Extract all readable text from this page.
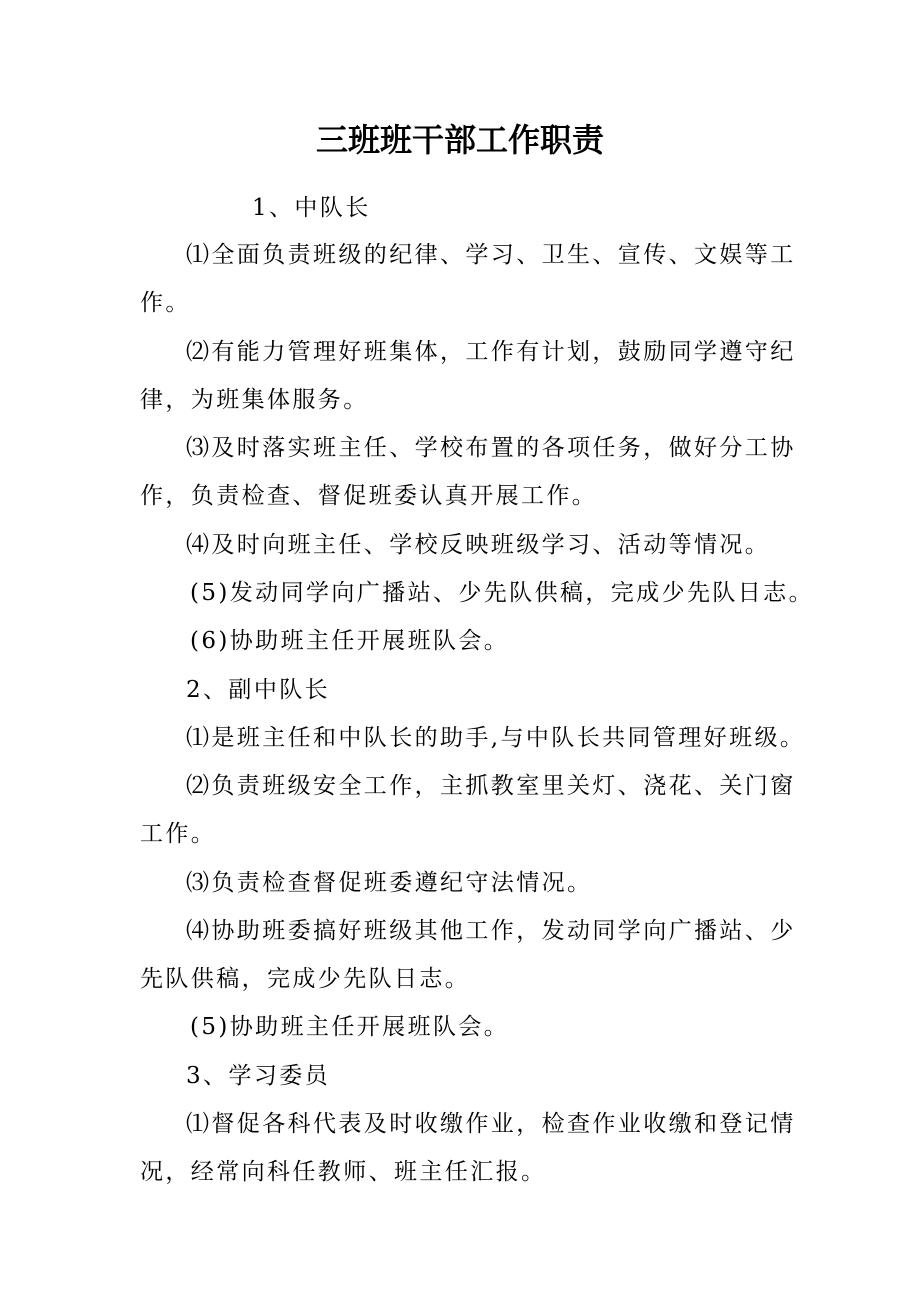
三班班干部工作职责

1、中队长

⑴全面负责班级的纪律、学习、卫生、宣传、文娱等工

作。

⑵有能力管理好班集体，工作有计划，鼓励同学遵守纪

律，为班集体服务。

⑶及时落实班主任、学校布置的各项任务，做好分工协

作，负责检查、督促班委认真开展工作。

⑷及时向班主任、学校反映班级学习、活动等情况。

(5)发动同学向广播站、少先队供稿，完成少先队日志。

(6)协助班主任开展班队会。

2、副中队长

⑴是班主任和中队长的助手,与中队长共同管理好班级。

⑵负责班级安全工作，主抓教室里关灯、浇花、关门窗

工作。

⑶负责检查督促班委遵纪守法情况。

⑷协助班委搞好班级其他工作，发动同学向广播站、少

先队供稿，完成少先队日志。

(5)协助班主任开展班队会。

3、学习委员

⑴督促各科代表及时收缴作业，检查作业收缴和登记情

况，经常向科任教师、班主任汇报。
